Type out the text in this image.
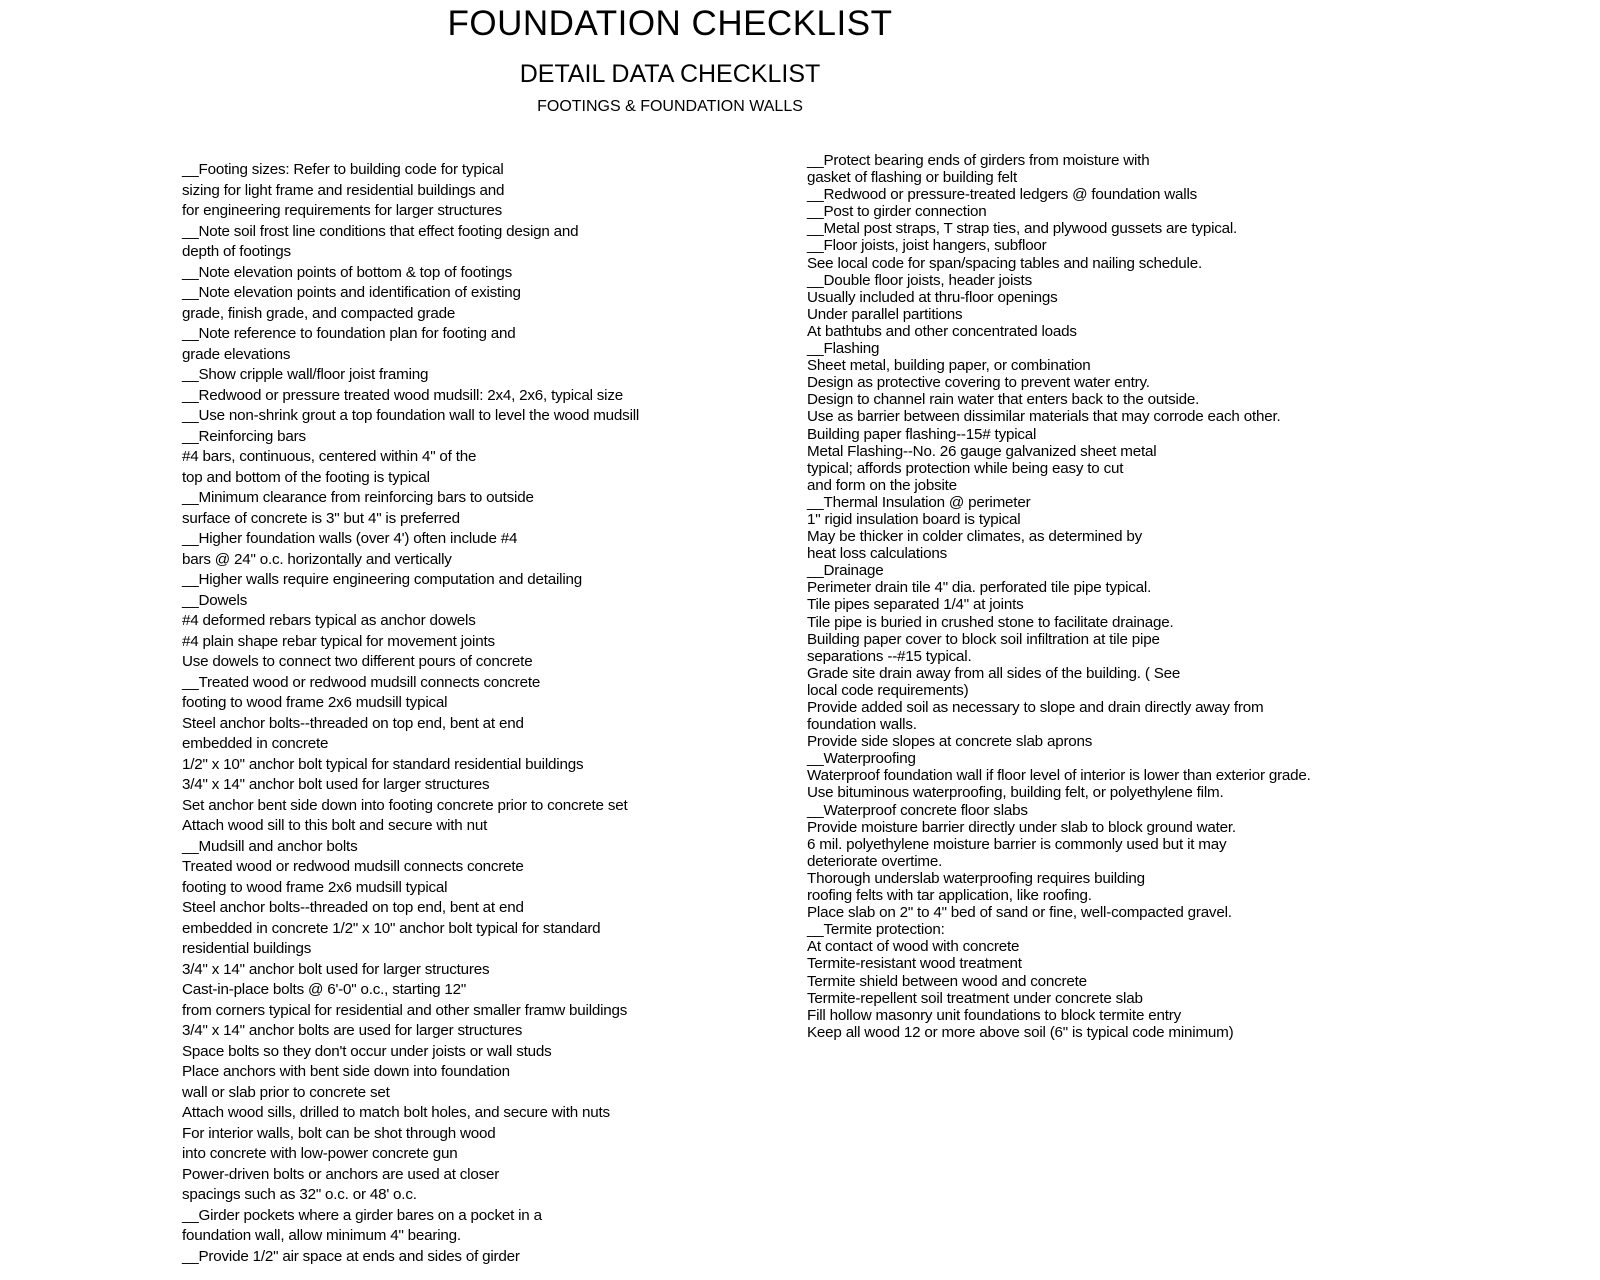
FOUNDATION CHECKLIST
DETAIL DATA CHECKLIST
FOOTINGS & FOUNDATION WALLS
__Footing sizes: Refer to building code for typical
sizing for light frame and residential buildings and
for engineering requirements for larger structures
__Note soil frost line conditions that effect footing design and
depth of footings
__Note elevation points of bottom & top of footings
__Note elevation points and identification of existing
grade, finish grade, and compacted grade
__Note reference to foundation plan for footing and
grade elevations
__Show cripple wall/floor joist framing
__Redwood or pressure treated wood mudsill: 2x4, 2x6, typical size
__Use non-shrink grout a top foundation wall to level the wood mudsill
__Reinforcing bars
#4 bars, continuous, centered within 4" of the
top and bottom of the footing is typical
__Minimum clearance from reinforcing bars to outside
surface of concrete is 3" but 4" is preferred
__Higher foundation walls (over 4') often include #4
bars @ 24" o.c. horizontally and vertically
__Higher walls require engineering computation and detailing
__Dowels
#4 deformed rebars typical as anchor dowels
#4 plain shape rebar typical for movement joints
Use dowels to connect two different pours of concrete
__Treated wood or redwood mudsill connects concrete
footing to wood frame 2x6 mudsill typical
Steel anchor bolts--threaded on top end, bent at end
embedded in concrete
1/2" x 10" anchor bolt typical for standard residential buildings
3/4" x 14" anchor bolt used for larger structures
Set anchor bent side down into footing concrete prior to concrete set
Attach wood sill to this bolt and secure with nut
__Mudsill and anchor bolts
Treated wood or redwood mudsill connects concrete
footing to wood frame 2x6 mudsill typical
Steel anchor bolts--threaded on top end, bent at end
embedded in concrete 1/2" x 10" anchor bolt typical for standard
residential buildings
3/4" x 14" anchor bolt used for larger structures
Cast-in-place bolts @ 6'-0" o.c., starting 12"
from corners typical for residential and other smaller framw buildings
3/4" x 14" anchor bolts are used for larger structures
Space bolts so they don't occur under joists or wall studs
Place anchors with bent side down into foundation
wall or slab prior to concrete set
Attach wood sills, drilled to match bolt holes, and secure with nuts
For interior walls, bolt can be shot through wood
into concrete with low-power concrete gun
Power-driven bolts or anchors are used at closer
spacings such as 32" o.c. or 48' o.c.
__Girder pockets where a girder bares on a pocket in a
foundation wall, allow minimum 4" bearing.
__Provide 1/2" air space at ends and sides of girder
__Protect bearing ends of girders from moisture with
gasket of flashing or building felt
__Redwood or pressure-treated ledgers @ foundation walls
__Post to girder connection
__Metal post straps, T strap ties, and plywood gussets are typical.
__Floor joists, joist hangers, subfloor
See local code for span/spacing tables and nailing schedule.
__Double floor joists, header joists
Usually included at thru-floor openings
Under parallel partitions
At bathtubs and other concentrated loads
__Flashing
Sheet metal, building paper, or combination
Design as protective covering to prevent water entry.
Design to channel rain water that enters back to the outside.
Use as barrier between dissimilar materials that may corrode each other.
Building paper flashing--15# typical
Metal Flashing--No. 26 gauge galvanized sheet metal
typical; affords protection while being easy to cut
and form on the jobsite
__Thermal Insulation @ perimeter
1" rigid insulation board is typical
May be thicker in colder climates, as determined by
heat loss calculations
__Drainage
Perimeter drain tile 4" dia. perforated tile pipe typical.
Tile pipes separated 1/4" at joints
Tile pipe is buried in crushed stone to facilitate drainage.
Building paper cover to block soil infiltration at tile pipe
separations --#15 typical.
Grade site drain away from all sides of the building. ( See
local code requirements)
Provide added soil as necessary to slope and drain directly away from
foundation walls.
Provide side slopes at concrete slab aprons
__Waterproofing
Waterproof foundation wall if floor level of interior is lower than exterior grade.
Use bituminous waterproofing, building felt, or polyethylene film.
__Waterproof concrete floor slabs
Provide moisture barrier directly under slab to block ground water.
6 mil. polyethylene moisture barrier is commonly used but it may
deteriorate overtime.
Thorough underslab waterproofing requires building
roofing felts with tar application, like roofing.
Place slab on 2" to 4" bed of sand or fine, well-compacted gravel.
__Termite protection:
At contact of wood with concrete
Termite-resistant wood treatment
Termite shield between wood and concrete
Termite-repellent soil treatment under concrete slab
Fill hollow masonry unit foundations to block termite entry
Keep all wood 12 or more above soil (6" is typical code minimum)
